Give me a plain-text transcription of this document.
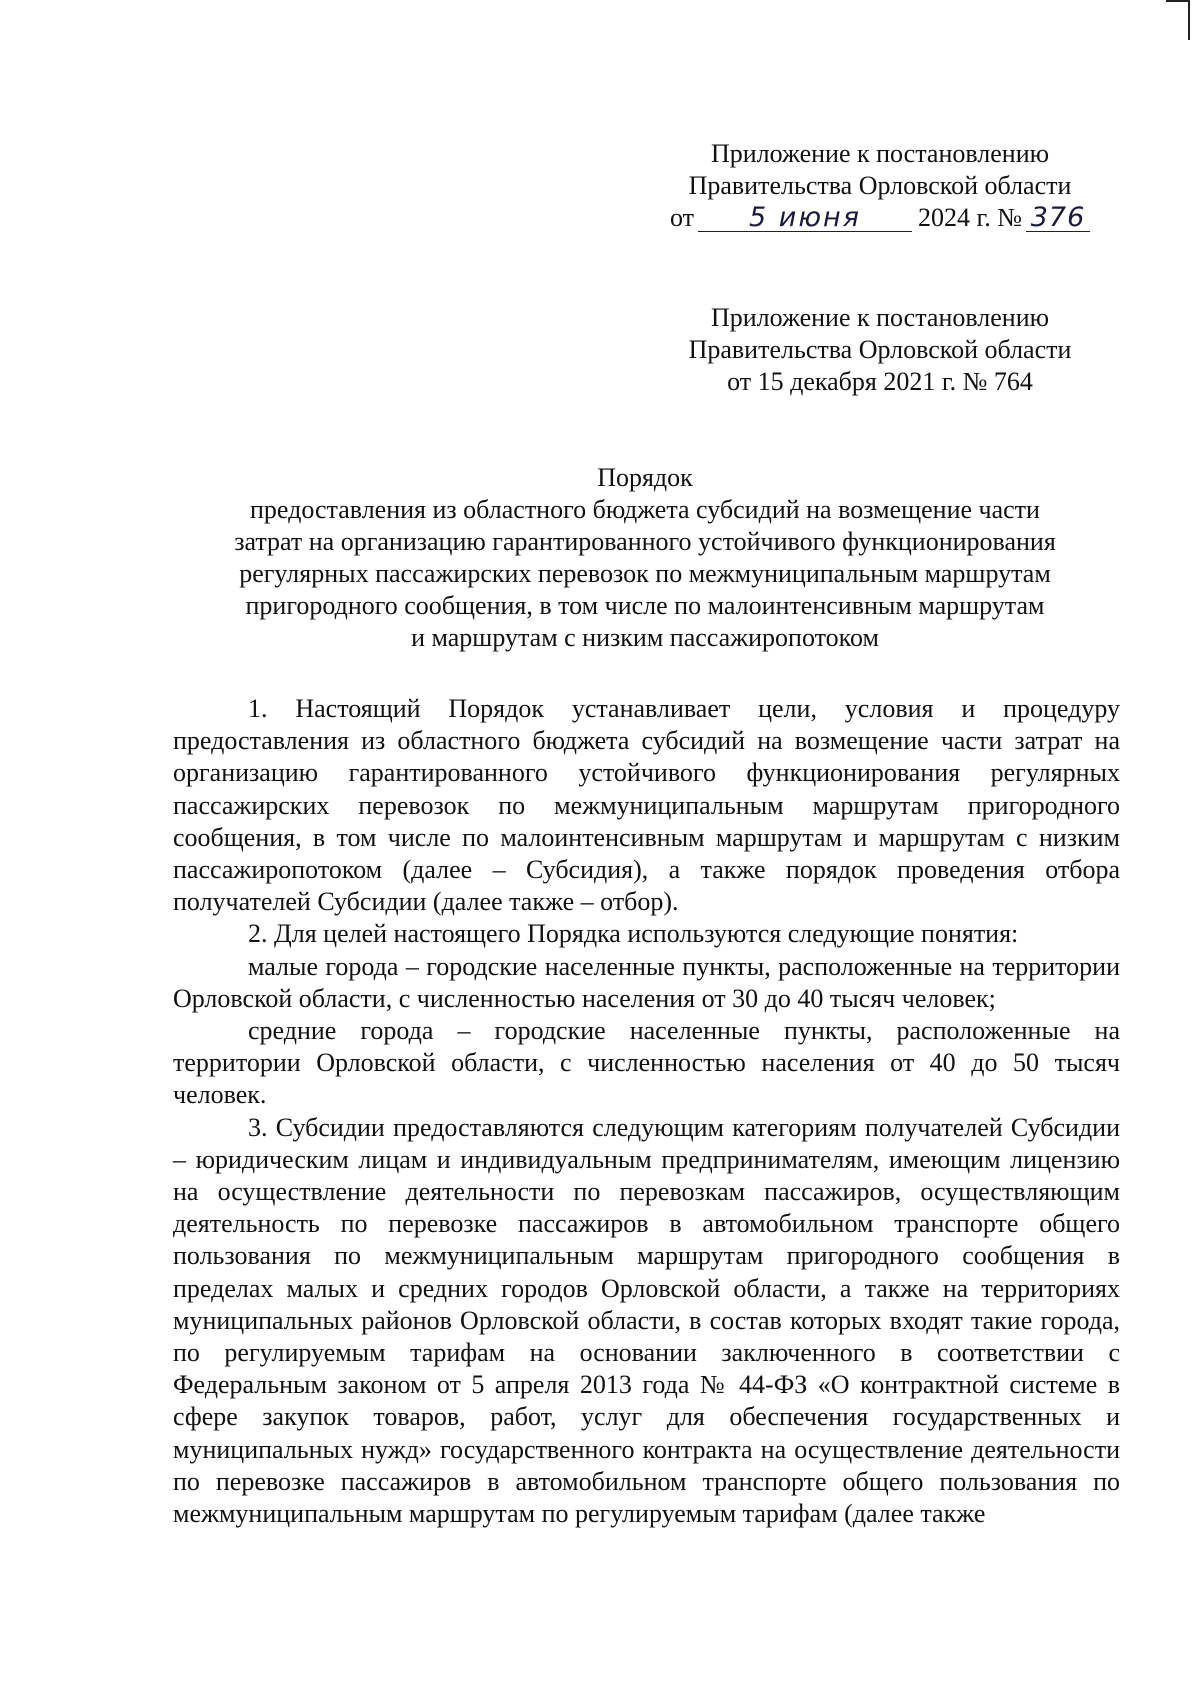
Приложение к постановлению
Правительства Орловской области
от	5 июня	2024 г. № 376
Приложение к постановлению
Правительства Орловской области
от 15 декабря 2021 г. № 764
Порядок
предоставления из областного бюджета субсидий на возмещение части
затрат на организацию гарантированного устойчивого функционирования
регулярных пассажирских перевозок по межмуниципальным маршрутам
пригородного сообщения, в том числе по малоинтенсивным маршрутам
и маршрутам с низким пассажиропотоком

1. Настоящий Порядок устанавливает цели, условия и процедуру предоставления из областного бюджета субсидий на возмещение части затрат на организацию гарантированного устойчивого функционирования регулярных пассажирских перевозок по межмуниципальным маршрутам пригородного сообщения, в том числе по малоинтенсивным маршрутам и маршрутам с низким пассажиропотоком (далее – Субсидия), а также порядок проведения отбора получателей Субсидии (далее также – отбор).

2. Для целей настоящего Порядка используются следующие понятия:

малые города – городские населенные пункты, расположенные на территории Орловской области, с численностью населения от 30 до 40 тысяч человек;

средние города – городские населенные пункты, расположенные на территории Орловской области, с численностью населения от 40 до 50 тысяч человек.

3. Субсидии предоставляются следующим категориям получателей Субсидии – юридическим лицам и индивидуальным предпринимателям, имеющим лицензию на осуществление деятельности по перевозкам пассажиров, осуществляющим деятельность по перевозке пассажиров в автомобильном транспорте общего пользования по межмуниципальным маршрутам пригородного сообщения в пределах малых и средних городов Орловской области, а также на территориях муниципальных районов Орловской области, в состав которых входят такие города, по регулируемым тарифам на основании заключенного в соответствии с Федеральным законом от 5 апреля 2013 года № 44-ФЗ «О контрактной системе в сфере закупок товаров, работ, услуг для обеспечения государственных и муниципальных нужд» государственного контракта на осуществление деятельности по перевозке пассажиров в автомобильном транспорте общего пользования по межмуниципальным маршрутам по регулируемым тарифам (далее также
